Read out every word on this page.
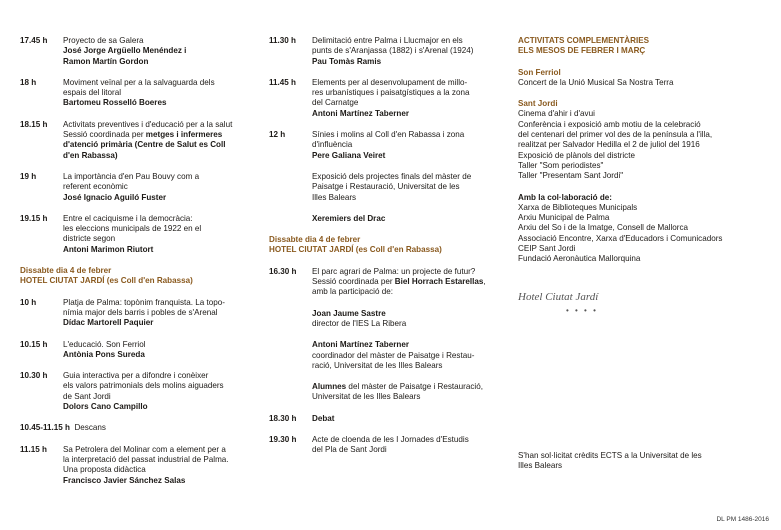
17.45 h	Proyecto de sa Galera
José Jorge Argüello Menéndez i
Ramon Martín Gordon
18 h	Moviment veïnal per a la salvaguarda dels
espais del litoral
Bartomeu Rosselló Boeres
18.15 h	Activitats preventives i d'educació per a la salut
Sessió coordinada per metges i infermeres
d'atenció primària (Centre de Salut es Coll
d'en Rabassa)
19 h	La importància d'en Pau Bouvy com a
referent econòmic
José Ignacio Aguiló Fuster
19.15 h	Entre el caciquisme i la democràcia:
les eleccions municipals de 1922 en el
districte segon
Antoni Marimon Riutort
Dissabte dia 4 de febrer
HOTEL CIUTAT JARDÍ (es Coll d'en Rabassa)
10 h	Platja de Palma: topònim franquista. La topo-
nímia major dels barris i pobles de s'Arenal
Dídac Martorell Paquier
10.15 h	L'educació. Son Ferriol
Antònia Pons Sureda
10.30 h	Guia interactiva per a difondre i conèixer
els valors patrimonials dels molins aiguaders
de Sant Jordi
Dolors Cano Campillo
10.45-11.15 h Descans
11.15 h	Sa Petrolera del Molinar com a element per a
la interpretació del passat industrial de Palma.
Una proposta didàctica
Francisco Javier Sánchez Salas
11.30 h	Delimitació entre Palma i Llucmajor en els
punts de s'Aranjassa (1882) i s'Arenal (1924)
Pau Tomàs Ramis
11.45 h	Elements per al desenvolupament de millo-
res urbanístiques i paisatgístiques a la zona
del Carnatge
Antoni Martínez Taberner
12 h	Sínies i molins al Coll d'en Rabassa i zona
d'influència
Pere Galiana Veiret
Exposició dels projectes finals del màster de
Paisatge i Restauració, Universitat de les
Illes Balears
Xeremiers del Drac
Dissabte dia 4 de febrer
HOTEL CIUTAT JARDÍ (es Coll d'en Rabassa)
16.30 h	El parc agrari de Palma: un projecte de futur?
Sessió coordinada per Biel Horrach Estarellas,
amb la participació de:
Joan Jaume Sastre
director de l'IES La Ribera
Antoni Martínez Taberner
coordinador del màster de Paisatge i Restau-
ració, Universitat de les Illes Balears
Alumnes del màster de Paisatge i Restauració,
Universitat de les Illes Balears
18.30 h	Debat
19.30 h	Acte de cloenda de les I Jornades d'Estudis
del Pla de Sant Jordi
ACTIVITATS COMPLEMENTÀRIES
ELS MESOS DE FEBRER I MARÇ
Son Ferriol
Concert de la Unió Musical Sa Nostra Terra
Sant Jordi
Cinema d'ahir i d'avui
Conferència i exposició amb motiu de la celebració
del centenari del primer vol des de la península a l'illa,
realitzat per Salvador Hedilla el 2 de juliol del 1916
Exposició de plànols del districte
Taller "Som periodistes"
Taller "Presentam Sant Jordi"
Amb la col·laboració de:
Xarxa de Biblioteques Municipals
Arxiu Municipal de Palma
Arxiu del So i de la Imatge, Consell de Mallorca
Associació Encontre, Xarxa d'Educadors i Comunicadors
CEIP Sant Jordi
Fundació Aeronàutica Mallorquina
Hotel Ciutat Jardí
• • • •
S'han sol·licitat crèdits ECTS a la Universitat de les
Illes Balears
DL PM 1486-2016
